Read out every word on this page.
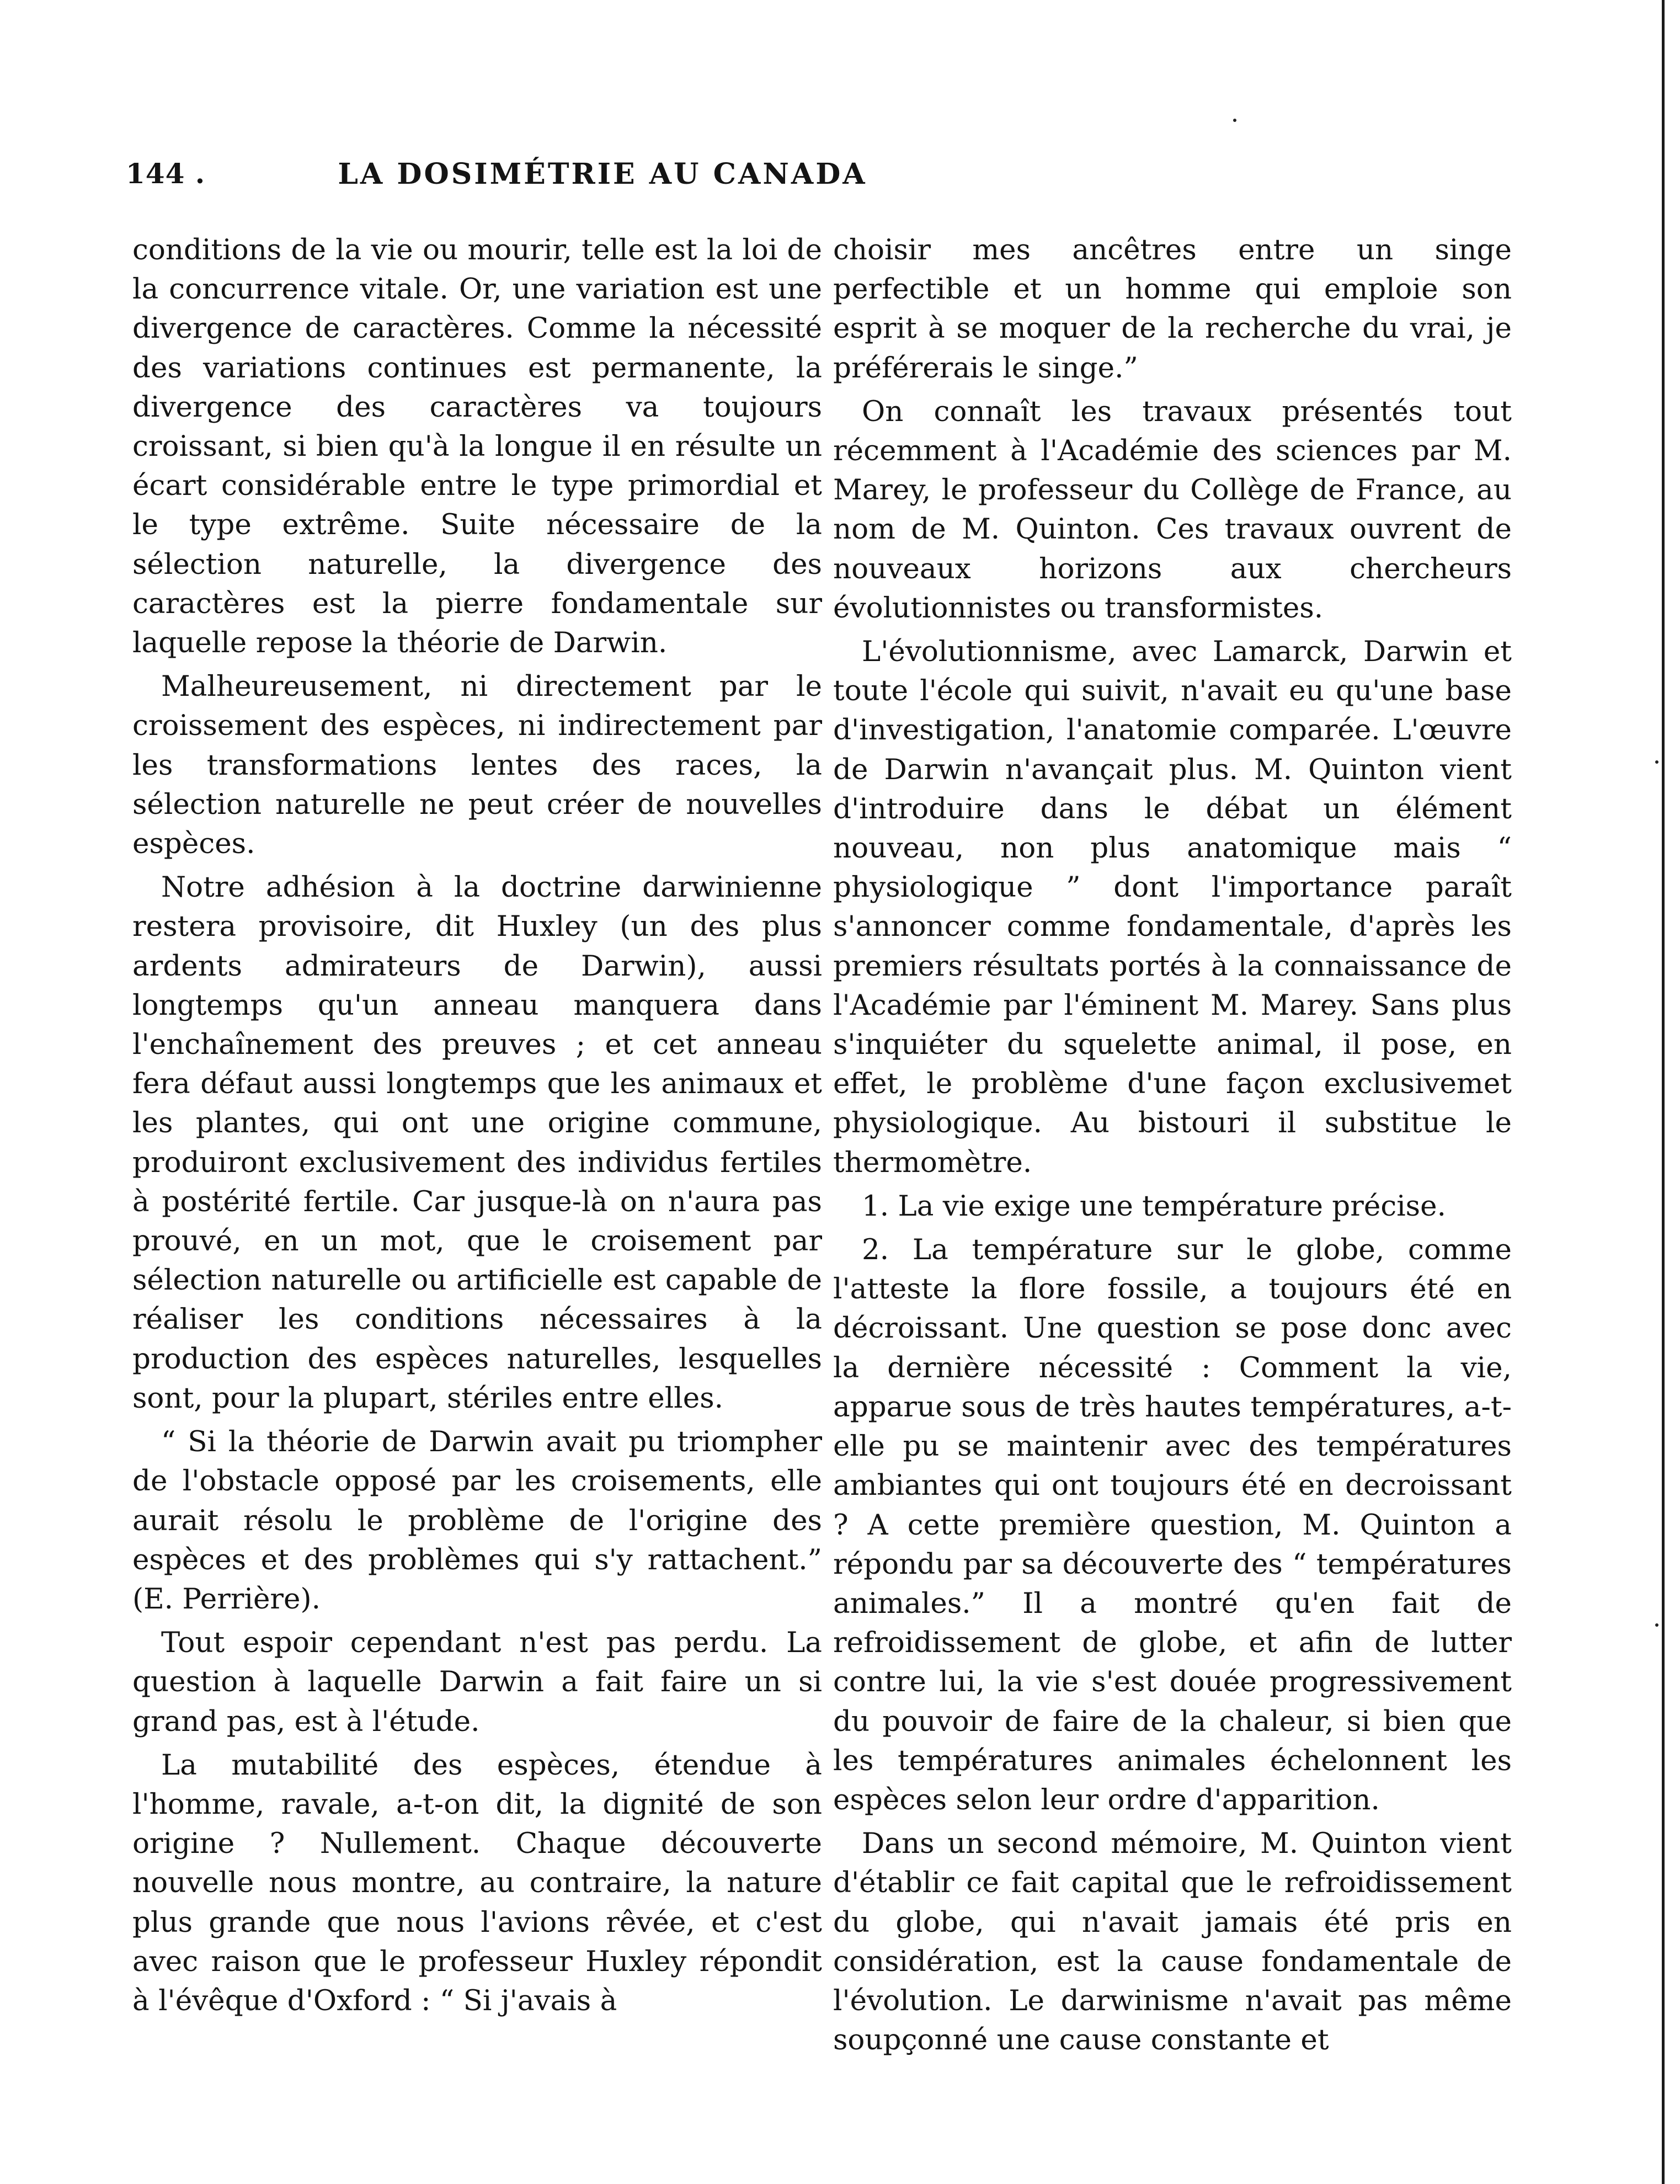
144 .	LA DOSIMÉTRIE AU CANADA

conditions de la vie ou mourir, telle est la loi de la concurrence vitale. Or, une variation est une divergence de caractères. Comme la nécessité des variations continues est permanente, la divergence des caractères va toujours croissant, si bien qu'à la longue il en résulte un écart considérable entre le type primordial et le type extrême. Suite nécessaire de la sélection naturelle, la divergence des caractères est la pierre fondamentale sur laquelle repose la théorie de Darwin.

Malheureusement, ni directement par le croissement des espèces, ni indirectement par les transformations lentes des races, la sélection naturelle ne peut créer de nouvelles espèces.

Notre adhésion à la doctrine darwinienne restera provisoire, dit Huxley (un des plus ardents admirateurs de Darwin), aussi longtemps qu'un anneau manquera dans l'enchaînement des preuves ; et cet anneau fera défaut aussi longtemps que les animaux et les plantes, qui ont une origine commune, produiront exclusivement des individus fertiles à postérité fertile. Car jusque-là on n'aura pas prouvé, en un mot, que le croisement par sélection naturelle ou artificielle est capable de réaliser les conditions nécessaires à la production des espèces naturelles, lesquelles sont, pour la plupart, stériles entre elles.

“ Si la théorie de Darwin avait pu triompher de l'obstacle opposé par les croisements, elle aurait résolu le problème de l'origine des espèces et des problèmes qui s'y rattachent.” (E. Perrière).

Tout espoir cependant n'est pas perdu. La question à laquelle Darwin a fait faire un si grand pas, est à l'étude.

La mutabilité des espèces, étendue à l'homme, ravale, a-t-on dit, la dignité de son origine ? Nullement. Chaque découverte nouvelle nous montre, au contraire, la nature plus grande que nous l'avions rêvée, et c'est avec raison que le professeur Huxley répondit à l'évêque d'Oxford : “ Si j'avais à

choisir mes ancêtres entre un singe perfectible et un homme qui emploie son esprit à se moquer de la recherche du vrai, je préférerais le singe.”

On connaît les travaux présentés tout récemment à l'Académie des sciences par M. Marey, le professeur du Collège de France, au nom de M. Quinton. Ces travaux ouvrent de nouveaux horizons aux chercheurs évolutionnistes ou transformistes.

L'évolutionnisme, avec Lamarck, Darwin et toute l'école qui suivit, n'avait eu qu'une base d'investigation, l'anatomie comparée. L'œuvre de Darwin n'avançait plus. M. Quinton vient d'introduire dans le débat un élément nouveau, non plus anatomique mais “ physiologique ” dont l'importance paraît s'annoncer comme fondamentale, d'après les premiers résultats portés à la connaissance de l'Académie par l'éminent M. Marey. Sans plus s'inquiéter du squelette animal, il pose, en effet, le problème d'une façon exclusivemet physiologique. Au bistouri il substitue le thermomètre.

1. La vie exige une température précise.

2. La température sur le globe, comme l'atteste la flore fossile, a toujours été en décroissant. Une question se pose donc avec la dernière nécessité : Comment la vie, apparue sous de très hautes températures, a-t-elle pu se maintenir avec des températures ambiantes qui ont toujours été en decroissant ? A cette première question, M. Quinton a répondu par sa découverte des “ températures animales.” Il a montré qu'en fait de refroidissement de globe, et afin de lutter contre lui, la vie s'est douée progressivement du pouvoir de faire de la chaleur, si bien que les températures animales échelonnent les espèces selon leur ordre d'apparition.

Dans un second mémoire, M. Quinton vient d'établir ce fait capital que le refroidissement du globe, qui n'avait jamais été pris en considération, est la cause fondamentale de l'évolution. Le darwinisme n'avait pas même soupçonné une cause constante et
